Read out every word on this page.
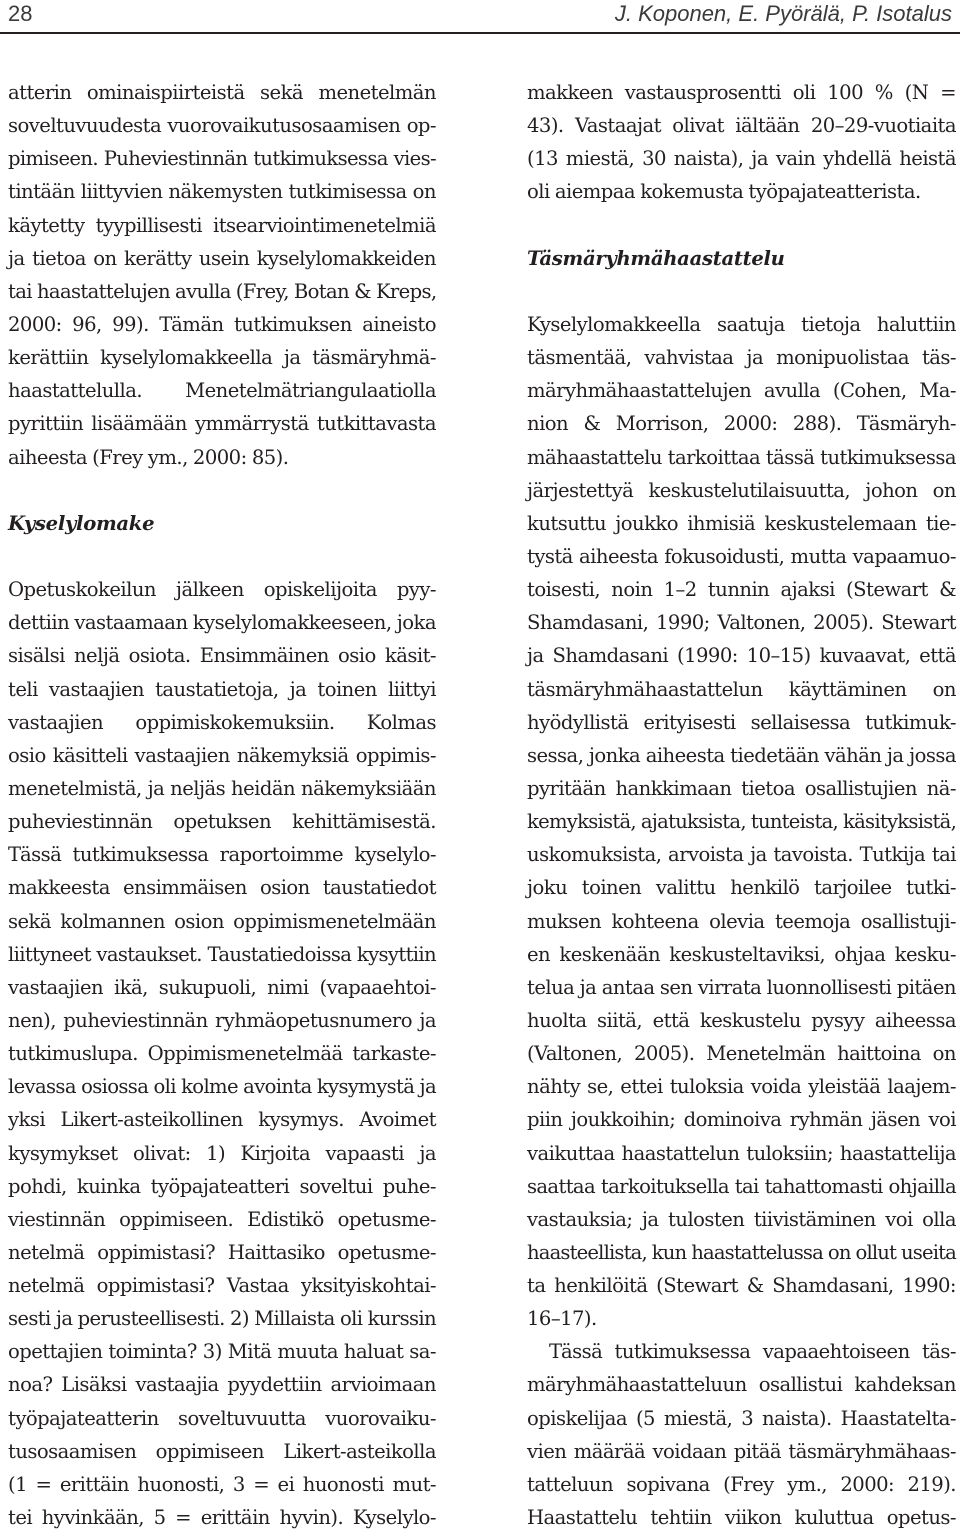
28	J. Koponen, E. Pyörälä, P. Isotalus
atterin ominaispiirteistä sekä menetelmän
soveltuvuudesta vuorovaikutusosaamisen op-
pimiseen. Puheviestinnän tutkimuksessa vies-
tintään liittyvien näkemysten tutkimisessa on
käytetty tyypillisesti itsearviointimenetelmiä
ja tietoa on kerätty usein kyselylomakkeiden
tai haastattelujen avulla (Frey, Botan & Kreps,
2000: 96, 99). Tämän tutkimuksen aineisto
kerättiin kyselylomakkeella ja täsmäryhmä-
haastattelulla. Menetelmätriangulaatiolla
pyrittiin lisäämään ymmärrystä tutkittavasta
aiheesta (Frey ym., 2000: 85).
Kyselylomake
Opetuskokeilun jälkeen opiskelijoita pyy-
dettiin vastaamaan kyselylomakkeeseen, joka
sisälsi neljä osiota. Ensimmäinen osio käsit-
teli vastaajien taustatietoja, ja toinen liittyi
vastaajien oppimiskokemuksiin. Kolmas
osio käsitteli vastaajien näkemyksiä oppimis-
menetelmistä, ja neljäs heidän näkemyksiään
puheviestinnän opetuksen kehittämisestä.
Tässä tutkimuksessa raportoimme kyselylo-
makkeesta ensimmäisen osion taustatiedot
sekä kolmannen osion oppimismenetelmään
liittyneet vastaukset. Taustatiedoissa kysyttiin
vastaajien ikä, sukupuoli, nimi (vapaaehtoi-
nen), puheviestinnän ryhmäopetusnumero ja
tutkimuslupa. Oppimismenetelmää tarkaste-
levassa osiossa oli kolme avointa kysymystä ja
yksi Likert-asteikollinen kysymys. Avoimet
kysymykset olivat: 1) Kirjoita vapaasti ja
pohdi, kuinka työpajateatteri soveltui puhe-
viestinnän oppimiseen. Edistikö opetusme-
netelmä oppimistasi? Haittasiko opetusme-
netelmä oppimistasi? Vastaa yksityiskohtai-
sesti ja perusteellisesti. 2) Millaista oli kurssin
opettajien toiminta? 3) Mitä muuta haluat sa-
noa? Lisäksi vastaajia pyydettiin arvioimaan
työpajateatterin soveltuvuutta vuorovaiku-
tusosaamisen oppimiseen Likert-asteikolla
(1 = erittäin huonosti, 3 = ei huonosti mut-
tei hyvinkään, 5 = erittäin hyvin). Kyselylo-
makkeen vastausprosentti oli 100 % (N =
43). Vastaajat olivat iältään 20–29-vuotiaita
(13 miestä, 30 naista), ja vain yhdellä heistä
oli aiempaa kokemusta työpajateatterista.
Täsmäryhmähaastattelu
Kyselylomakkeella saatuja tietoja haluttiin
täsmentää, vahvistaa ja monipuolistaa täs-
märyhmähaastattelujen avulla (Cohen, Ma-
nion & Morrison, 2000: 288). Täsmäryh-
mähaastattelu tarkoittaa tässä tutkimuksessa
järjestettyä keskustelutilaisuutta, johon on
kutsuttu joukko ihmisiä keskustelemaan tie-
tystä aiheesta fokusoidusti, mutta vapaamuo-
toisesti, noin 1–2 tunnin ajaksi (Stewart &
Shamdasani, 1990; Valtonen, 2005). Stewart
ja Shamdasani (1990: 10–15) kuvaavat, että
täsmäryhmähaastattelun käyttäminen on
hyödyllistä erityisesti sellaisessa tutkimuk-
sessa, jonka aiheesta tiedetään vähän ja jossa
pyritään hankkimaan tietoa osallistujien nä-
kemyksistä, ajatuksista, tunteista, käsityksistä,
uskomuksista, arvoista ja tavoista. Tutkija tai
joku toinen valittu henkilö tarjoilee tutki-
muksen kohteena olevia teemoja osallistuji-
en keskenään keskusteltaviksi, ohjaa kesku-
telua ja antaa sen virrata luonnollisesti pitäen
huolta siitä, että keskustelu pysyy aiheessa
(Valtonen, 2005). Menetelmän haittoina on
nähty se, ettei tuloksia voida yleistää laajem-
piin joukkoihin; dominoiva ryhmän jäsen voi
vaikuttaa haastattelun tuloksiin; haastattelija
saattaa tarkoituksella tai tahattomasti ohjailla
vastauksia; ja tulosten tiivistäminen voi olla
haasteellista, kun haastattelussa on ollut useita
ta henkilöitä (Stewart & Shamdasani, 1990:
16–17).
Tässä tutkimuksessa vapaaehtoiseen täs-
märyhmähaastatteluun osallistui kahdeksan
opiskelijaa (5 miestä, 3 naista). Haastatelta-
vien määrää voidaan pitää täsmäryhmähaas-
tatteluun sopivana (Frey ym., 2000: 219).
Haastattelu tehtiin viikon kuluttua opetus-
